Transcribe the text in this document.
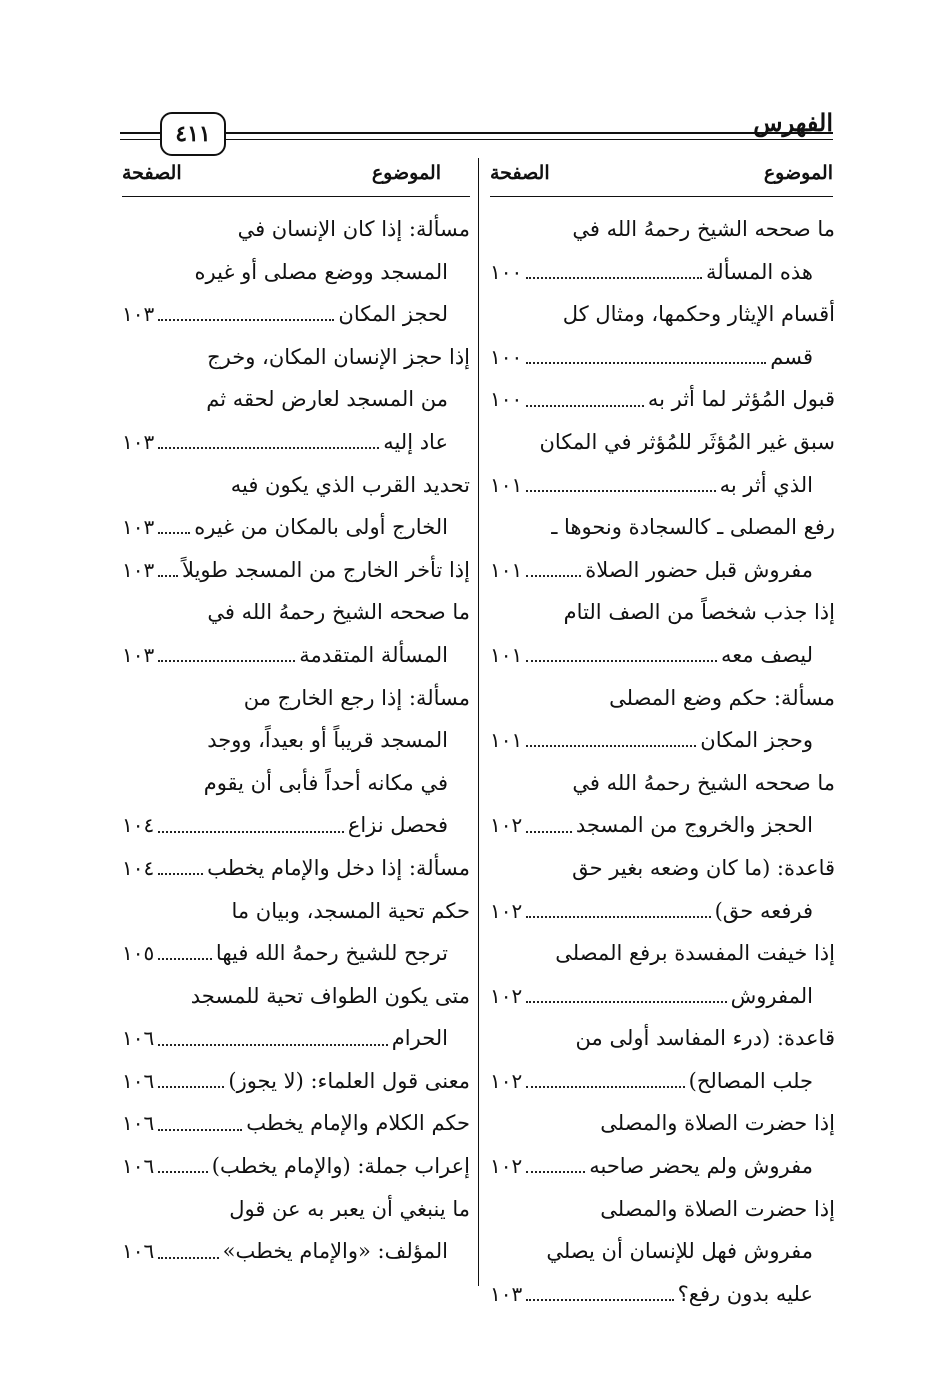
الفهرس
٤١١
الموضوع
الصفحة
الموضوع
الصفحة
ما صححه الشيخ رحمهُ الله في
هذه المسألة
١٠٠
أقسام الإيثار وحكمها، ومثال كل
قسم
١٠٠
قبول المُؤثر لما أثر به
١٠٠
سبق غير المُؤثَر للمُؤثر في المكان
الذي أثر به
١٠١
رفع المصلى ـ كالسجادة ونحوها ـ
مفروش قبل حضور الصلاة
١٠١
إذا جذب شخصاً من الصف التام
ليصف معه
١٠١
مسألة: حكم وضع المصلى
وحجز المكان
١٠١
ما صححه الشيخ رحمهُ الله في
الحجز والخروج من المسجد
١٠٢
قاعدة: (ما كان وضعه بغير حق
فرفعه حق)
١٠٢
إذا خيفت المفسدة برفع المصلى
المفروش
١٠٢
قاعدة: (درء المفاسد أولى من
جلب المصالح)
١٠٢
إذا حضرت الصلاة والمصلى
مفروش ولم يحضر صاحبه
١٠٢
إذا حضرت الصلاة والمصلى
مفروش فهل للإنسان أن يصلي
عليه بدون رفع؟
١٠٣
مسألة: إذا كان الإنسان في
المسجد ووضع مصلى أو غيره
لحجز المكان
١٠٣
إذا حجز الإنسان المكان، وخرج
من المسجد لعارض لحقه ثم
عاد إليه
١٠٣
تحديد القرب الذي يكون فيه
الخارج أولى بالمكان من غيره
١٠٣
إذا تأخر الخارج من المسجد طويلاً
١٠٣
ما صححه الشيخ رحمهُ الله في
المسألة المتقدمة
١٠٣
مسألة: إذا رجع الخارج من
المسجد قريباً أو بعيداً، ووجد
في مكانه أحداً فأبى أن يقوم
فحصل نزاع
١٠٤
مسألة: إذا دخل والإمام يخطب
١٠٤
حكم تحية المسجد، وبيان ما
ترجح للشيخ رحمهُ الله فيها
١٠٥
متى يكون الطواف تحية للمسجد
الحرام
١٠٦
معنى قول العلماء: (لا يجوز)
١٠٦
حكم الكلام والإمام يخطب
١٠٦
إعراب جملة: (والإمام يخطب)
١٠٦
ما ينبغي أن يعبر به عن قول
المؤلف: «والإمام يخطب»
١٠٦
